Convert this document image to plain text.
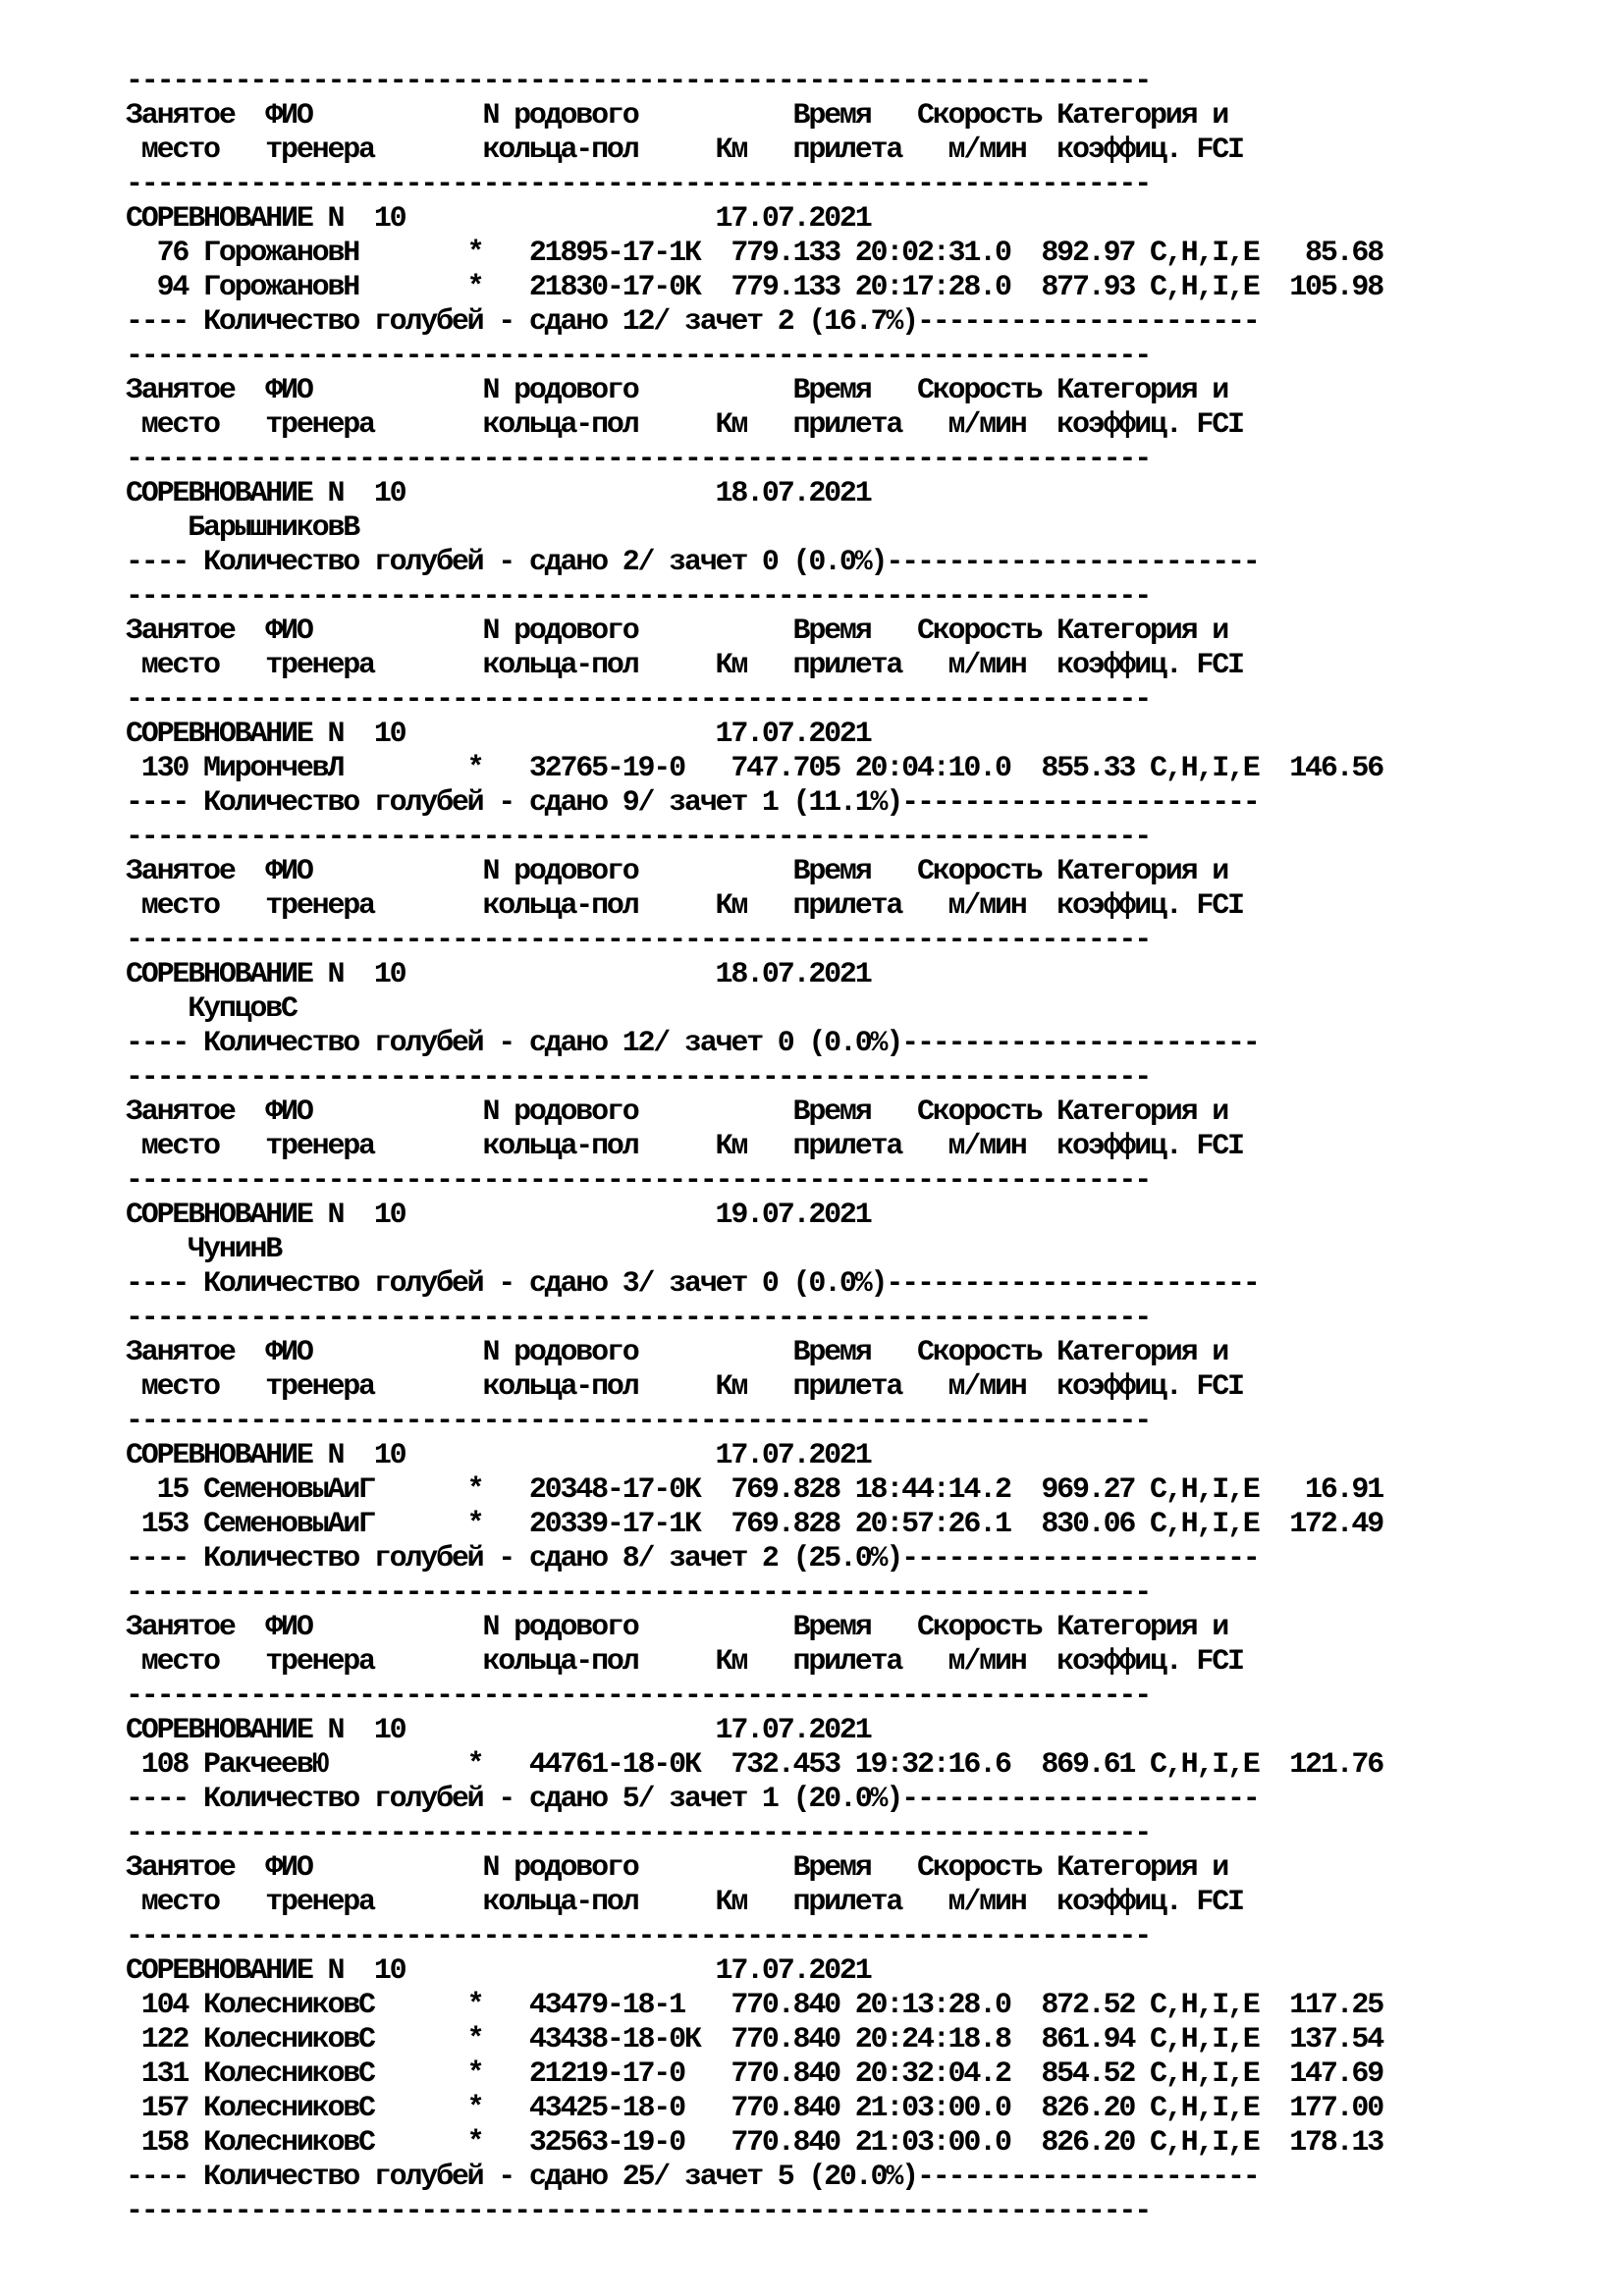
------------------------------------------------------------------
Занятое  ФИО           N родового          Время   Скорость Категория и
место   тренера       кольца-пол     Км   прилета   м/мин  коэффиц. FCI
------------------------------------------------------------------
СОРЕВНОВАНИЕ N  10                    17.07.2021
76 ГорожановН       *   21895-17-1К  779.133 20:02:31.0  892.97 C,H,I,E   85.68
94 ГорожановН       *   21830-17-0К  779.133 20:17:28.0  877.93 C,H,I,E  105.98
---- Количество голубей - сдано 12/ зачет 2 (16.7%)----------------------
------------------------------------------------------------------
Занятое  ФИО           N родового          Время   Скорость Категория и
место   тренера       кольца-пол     Км   прилета   м/мин  коэффиц. FCI
------------------------------------------------------------------
СОРЕВНОВАНИЕ N  10                    18.07.2021
БарышниковВ
---- Количество голубей - сдано 2/ зачет 0 (0.0%)------------------------
------------------------------------------------------------------
Занятое  ФИО           N родового          Время   Скорость Категория и
место   тренера       кольца-пол     Км   прилета   м/мин  коэффиц. FCI
------------------------------------------------------------------
СОРЕВНОВАНИЕ N  10                    17.07.2021
130 МирончевЛ        *   32765-19-0   747.705 20:04:10.0  855.33 C,H,I,E  146.56
---- Количество голубей - сдано 9/ зачет 1 (11.1%)-----------------------
------------------------------------------------------------------
Занятое  ФИО           N родового          Время   Скорость Категория и
место   тренера       кольца-пол     Км   прилета   м/мин  коэффиц. FCI
------------------------------------------------------------------
СОРЕВНОВАНИЕ N  10                    18.07.2021
КупцовС
---- Количество голубей - сдано 12/ зачет 0 (0.0%)-----------------------
------------------------------------------------------------------
Занятое  ФИО           N родового          Время   Скорость Категория и
место   тренера       кольца-пол     Км   прилета   м/мин  коэффиц. FCI
------------------------------------------------------------------
СОРЕВНОВАНИЕ N  10                    19.07.2021
ЧунинВ
---- Количество голубей - сдано 3/ зачет 0 (0.0%)------------------------
------------------------------------------------------------------
Занятое  ФИО           N родового          Время   Скорость Категория и
место   тренера       кольца-пол     Км   прилета   м/мин  коэффиц. FCI
------------------------------------------------------------------
СОРЕВНОВАНИЕ N  10                    17.07.2021
15 СеменовыАиГ      *   20348-17-0К  769.828 18:44:14.2  969.27 C,H,I,E   16.91
153 СеменовыАиГ      *   20339-17-1К  769.828 20:57:26.1  830.06 C,H,I,E  172.49
---- Количество голубей - сдано 8/ зачет 2 (25.0%)-----------------------
------------------------------------------------------------------
Занятое  ФИО           N родового          Время   Скорость Категория и
место   тренера       кольца-пол     Км   прилета   м/мин  коэффиц. FCI
------------------------------------------------------------------
СОРЕВНОВАНИЕ N  10                    17.07.2021
108 РакчеевЮ         *   44761-18-0К  732.453 19:32:16.6  869.61 C,H,I,E  121.76
---- Количество голубей - сдано 5/ зачет 1 (20.0%)-----------------------
------------------------------------------------------------------
Занятое  ФИО           N родового          Время   Скорость Категория и
место   тренера       кольца-пол     Км   прилета   м/мин  коэффиц. FCI
------------------------------------------------------------------
СОРЕВНОВАНИЕ N  10                    17.07.2021
104 КолесниковС      *   43479-18-1   770.840 20:13:28.0  872.52 C,H,I,E  117.25
122 КолесниковС      *   43438-18-0К  770.840 20:24:18.8  861.94 C,H,I,E  137.54
131 КолесниковС      *   21219-17-0   770.840 20:32:04.2  854.52 C,H,I,E  147.69
157 КолесниковС      *   43425-18-0   770.840 21:03:00.0  826.20 C,H,I,E  177.00
158 КолесниковС      *   32563-19-0   770.840 21:03:00.0  826.20 C,H,I,E  178.13
---- Количество голубей - сдано 25/ зачет 5 (20.0%)----------------------
------------------------------------------------------------------
